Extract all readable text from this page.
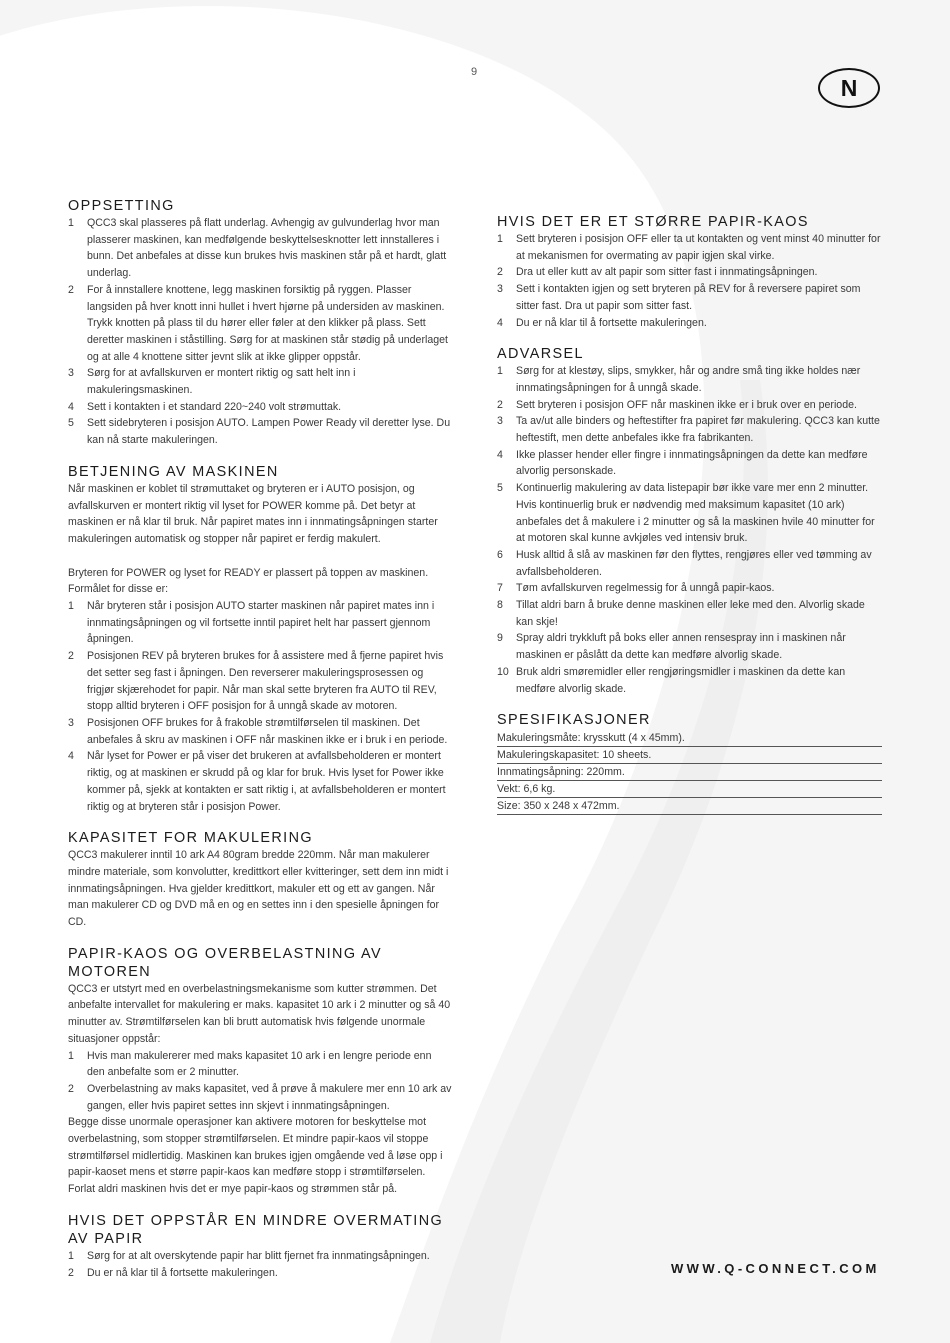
9
N
OPPSETTING
1 QCC3 skal plasseres på flatt underlag. Avhengig av gulvunderlag hvor man plasserer maskinen, kan medfølgende beskyttelsesknotter lett innstalleres i bunn. Det anbefales at disse kun brukes hvis maskinen står på et hardt, glatt underlag.
2 For å innstallere knottene, legg maskinen forsiktig på ryggen. Plasser langsiden på hver knott inni hullet i hvert hjørne på undersiden av maskinen. Trykk knotten på plass til du hører eller føler at den klikker på plass. Sett deretter maskinen i ståstilling. Sørg for at maskinen står stødig på underlaget og at alle 4 knottene sitter jevnt slik at ikke glipper oppstår.
3 Sørg for at avfallskurven er montert riktig og satt helt inn i makuleringsmaskinen.
4 Sett i kontakten i et standard 220~240 volt strømuttak.
5 Sett sidebryteren i posisjon AUTO. Lampen Power Ready vil deretter lyse. Du kan nå starte makuleringen.
BETJENING AV MASKINEN

Når maskinen er koblet til strømuttaket og bryteren er i AUTO posisjon, og avfallskurven er montert riktig vil lyset for POWER komme på. Det betyr at maskinen er nå klar til bruk. Når papiret mates inn i innmatingsåpningen starter makuleringen automatisk og stopper når papiret er ferdig makulert.

Bryteren for POWER og lyset for READY er plassert på toppen av maskinen.

Formålet for disse er:

1 Når bryteren står i posisjon AUTO starter maskinen når papiret mates inn i innmatingsåpningen og vil fortsette inntil papiret helt har passert gjennom åpningen.
2 Posisjonen REV på bryteren brukes for å assistere med å fjerne papiret hvis det setter seg fast i åpningen. Den reverserer makuleringsprosessen og frigjør skjærehodet for papir. Når man skal sette bryteren fra AUTO til REV, stopp alltid bryteren i OFF posisjon for å unngå skade av motoren.
3 Posisjonen OFF brukes for å frakoble strømtilførselen til maskinen. Det anbefales å skru av maskinen i OFF når maskinen ikke er i bruk i en periode.
4 Når lyset for Power er på viser det brukeren at avfallsbeholderen er montert riktig, og at maskinen er skrudd på og klar for bruk. Hvis lyset for Power ikke kommer på, sjekk at kontakten er satt riktig i, at avfallsbeholderen er montert riktig og at bryteren står i posisjon Power.
KAPASITET FOR MAKULERING

QCC3 makulerer inntil 10 ark A4 80gram bredde 220mm. Når man makulerer mindre materiale, som konvolutter, kredittkort eller kvitteringer, sett dem inn midt i innmatingsåpningen. Hva gjelder kredittkort, makuler ett og ett av gangen. Når man makulerer CD og DVD må en og en settes inn i den spesielle åpningen for CD.

PAPIR-KAOS OG OVERBELASTNING AV MOTOREN

QCC3 er utstyrt med en overbelastningsmekanisme som kutter strømmen. Det anbefalte intervallet for makulering er maks. kapasitet 10 ark i 2 minutter og så 40 minutter av. Strømtilførselen kan bli brutt automatisk hvis følgende unormale situasjoner oppstår:

1 Hvis man makulererer med maks kapasitet 10 ark i en lengre periode enn den anbefalte som er 2 minutter.
2 Overbelastning av maks kapasitet, ved å prøve å makulere mer enn 10 ark av gangen, eller hvis papiret settes inn skjevt i innmatingsåpningen.

Begge disse unormale operasjoner kan aktivere motoren for beskyttelse mot overbelastning, som stopper strømtilførselen. Et mindre papir-kaos vil stoppe strømtilførsel midlertidig. Maskinen kan brukes igjen omgående ved å løse opp i papir-kaoset mens et større papir-kaos kan medføre stopp i strømtilførselen. Forlat aldri maskinen hvis det er mye papir-kaos og strømmen står på.

HVIS DET OPPSTÅR EN MINDRE OVERMATING AV PAPIR
1 Sørg for at alt overskytende papir har blitt fjernet fra innmatingsåpningen.
2 Du er nå klar til å fortsette makuleringen.
HVIS DET ER ET STØRRE PAPIR-KAOS
1 Sett bryteren i posisjon OFF eller ta ut kontakten og vent minst 40 minutter for at mekanismen for overmating av papir igjen skal virke.
2 Dra ut eller kutt av alt papir som sitter fast i innmatingsåpningen.
3 Sett i kontakten igjen og sett bryteren på REV for å reversere papiret som sitter fast. Dra ut papir som sitter fast.
4 Du er nå klar til å fortsette makuleringen.
ADVARSEL
1 Sørg for at klestøy, slips, smykker, hår og andre små ting ikke holdes nær innmatingsåpningen for å unngå skade.
2 Sett bryteren i posisjon OFF når maskinen ikke er i bruk over en periode.
3 Ta av/ut alle binders og heftestifter fra papiret før makulering. QCC3 kan kutte heftestift, men dette anbefales ikke fra fabrikanten.
4 Ikke plasser hender eller fingre i innmatingsåpningen da dette kan medføre alvorlig personskade.
5 Kontinuerlig makulering av data listepapir bør ikke vare mer enn 2 minutter. Hvis kontinuerlig bruk er nødvendig med maksimum kapasitet (10 ark) anbefales det å makulere i 2 minutter og så la maskinen hvile 40 minutter for at motoren skal kunne avkjøles ved intensiv bruk.
6 Husk alltid å slå av maskinen før den flyttes, rengjøres eller ved tømming av avfallsbeholderen.
7 Tøm avfallskurven regelmessig for å unngå papir-kaos.
8 Tillat aldri barn å bruke denne maskinen eller leke med den. Alvorlig skade kan skje!
9 Spray aldri trykkluft på boks eller annen rensespray inn i maskinen når maskinen er påslått da dette kan medføre alvorlig skade.
10 Bruk aldri smøremidler eller rengjøringsmidler i maskinen da dette kan medføre alvorlig skade.
SPESIFIKASJONER
Makuleringsmåte: krysskutt (4 x 45mm).
Makuleringskapasitet: 10 sheets.
Innmatingsåpning: 220mm.
Vekt: 6,6 kg.
Size: 350 x 248 x 472mm.
WWW.Q-CONNECT.COM
